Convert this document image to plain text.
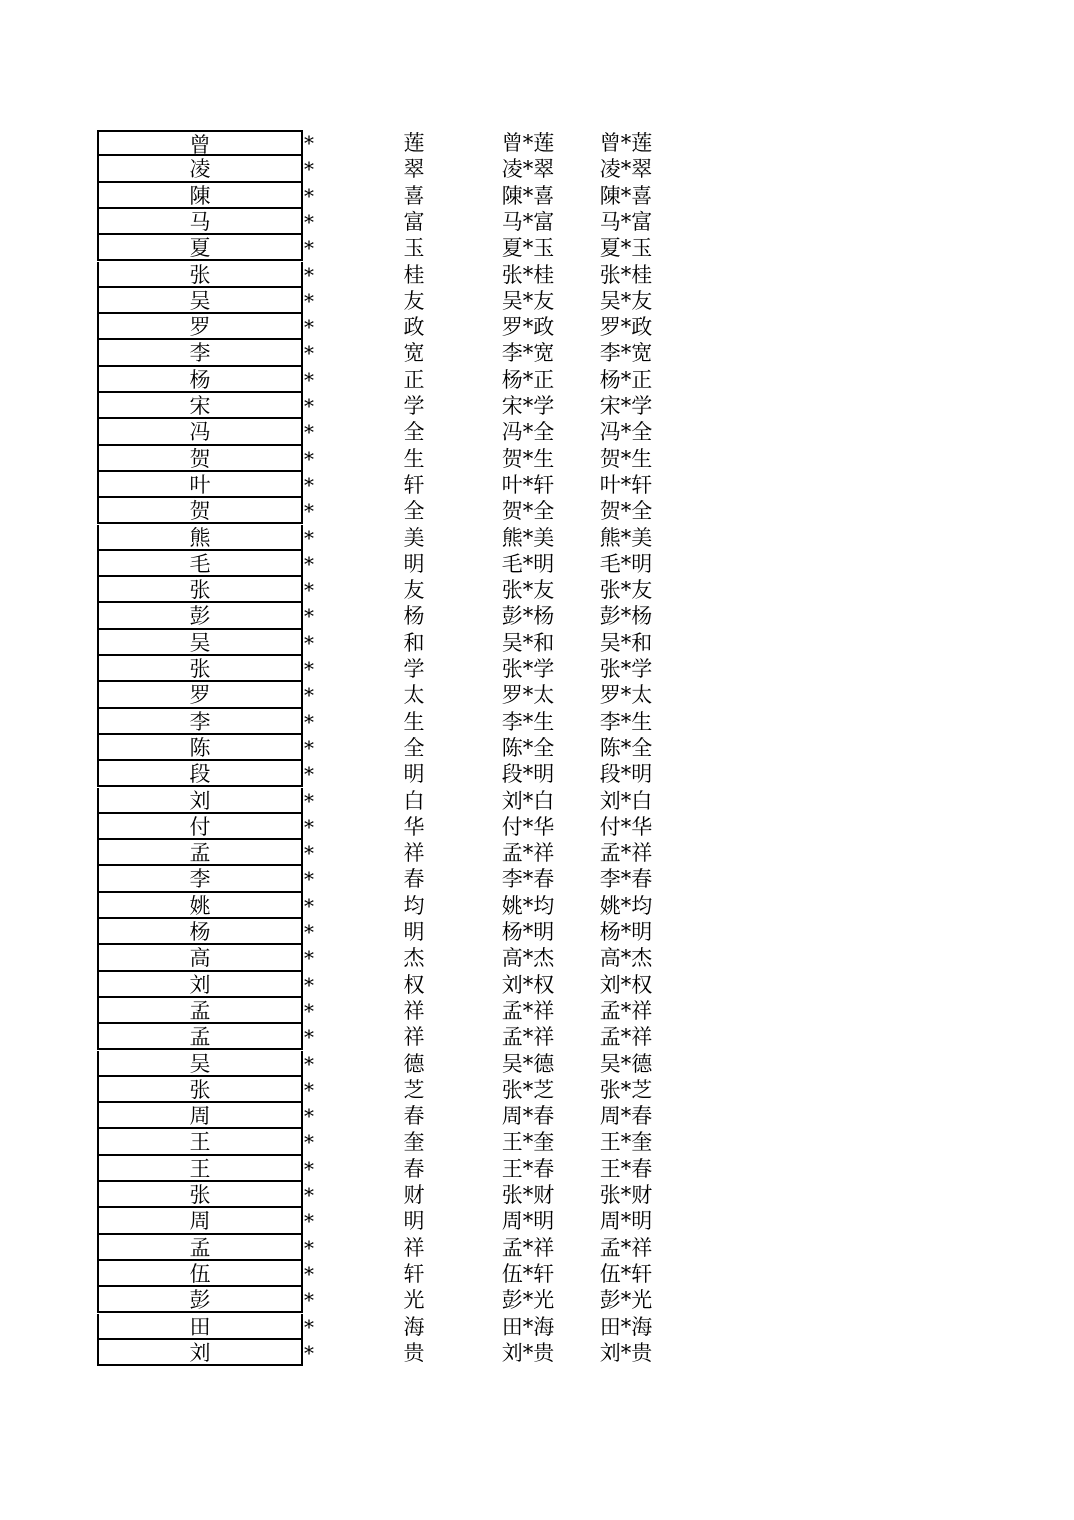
曾	*	莲	曾*莲 曾*莲
凌	*	翠	凌*翠 凌*翠
陳	*	喜	陳*喜 陳*喜
马	*	富	马*富 马*富
夏	*	玉	夏*玉 夏*玉
张	*	桂	张*桂 张*桂
吴	*	友	吴*友 吴*友
罗	*	政	罗*政 罗*政
李	*	宽	李*宽 李*宽
杨	*	正	杨*正 杨*正
宋	*	学	宋*学 宋*学
冯	*	全	冯*全 冯*全
贺	*	生	贺*生 贺*生
叶	*	轩	叶*轩 叶*轩
贺	*	全	贺*全 贺*全
熊	*	美	熊*美 熊*美
毛	*	明	毛*明 毛*明
张	*	友	张*友 张*友
彭	*	杨	彭*杨 彭*杨
吴	*	和	吴*和 吴*和
张	*	学	张*学 张*学
罗	*	太	罗*太 罗*太
李	*	生	李*生 李*生
陈	*	全	陈*全 陈*全
段	*	明	段*明 段*明
刘	*	白	刘*白 刘*白
付	*	华	付*华 付*华
孟	*	祥	孟*祥 孟*祥
李	*	春	李*春 李*春
姚	*	均	姚*均 姚*均
杨	*	明	杨*明 杨*明
高	*	杰	高*杰 高*杰
刘	*	权	刘*权 刘*权
孟	*	祥	孟*祥 孟*祥
孟	*	祥	孟*祥 孟*祥
吴	*	德	吴*德 吴*德
张	*	芝	张*芝 张*芝
周	*	春	周*春 周*春
王	*	奎	王*奎 王*奎
王	*	春	王*春 王*春
张	*	财	张*财 张*财
周	*	明	周*明 周*明
孟	*	祥	孟*祥 孟*祥
伍	*	轩	伍*轩 伍*轩
彭	*	光	彭*光 彭*光
田	*	海	田*海 田*海
刘	*	贵	刘*贵 刘*贵
